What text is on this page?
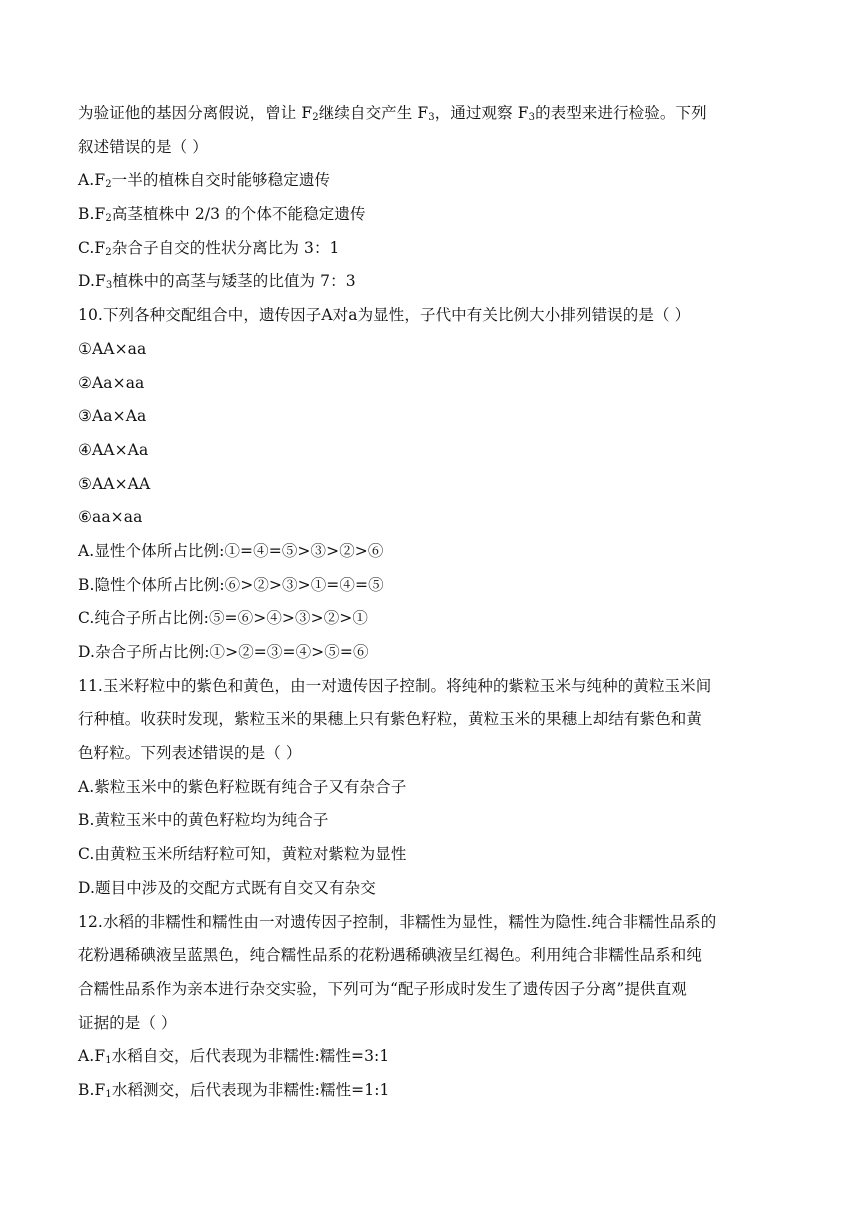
为验证他的基因分离假说，曾让 $F_2$继续自交产生 $F_3$，通过观察 $F_3$的表型来进行检验。下列
叙述错误的是（ ）
$A.F_2$一半的植株自交时能够稳定遗传
$B.F_2$高茎植株中 2/3 的个体不能稳定遗传
$C.F_2$杂合子自交的性状分离比为 3：1
$D.F_3$植株中的高茎与矮茎的比值为 7：3
10.下列各种交配组合中，遗传因子A对a为显性，子代中有关比例大小排列错误的是（ ）
①AA×aa
②Aa×aa
③Aa×Aa
④AA×Aa
⑤AA×AA
⑥aa×aa
A.显性个体所占比例:①=④=⑤>③>②>⑥
B.隐性个体所占比例:⑥>②>③>①=④=⑤
C.纯合子所占比例:⑤=⑥>④>③>②>①
D.杂合子所占比例:①>②=③=④>⑤=⑥
11.玉米籽粒中的紫色和黄色，由一对遗传因子控制。将纯种的紫粒玉米与纯种的黄粒玉米间
行种植。收获时发现，紫粒玉米的果穗上只有紫色籽粒，黄粒玉米的果穗上却结有紫色和黄
色籽粒。下列表述错误的是（ ）
A.紫粒玉米中的紫色籽粒既有纯合子又有杂合子
B.黄粒玉米中的黄色籽粒均为纯合子
C.由黄粒玉米所结籽粒可知，黄粒对紫粒为显性
D.题目中涉及的交配方式既有自交又有杂交
12.水稻的非糯性和糯性由一对遗传因子控制，非糯性为显性，糯性为隐性.纯合非糯性品系的
花粉遇稀碘液呈蓝黑色，纯合糯性品系的花粉遇稀碘液呈红褐色。利用纯合非糯性品系和纯
合糯性品系作为亲本进行杂交实验，下列可为“配子形成时发生了遗传因子分离”提供直观
证据的是（ ）
$A.F_1$水稻自交，后代表现为非糯性:糯性=3:1
$B.F_1$水稻测交，后代表现为非糯性:糯性=1:1
